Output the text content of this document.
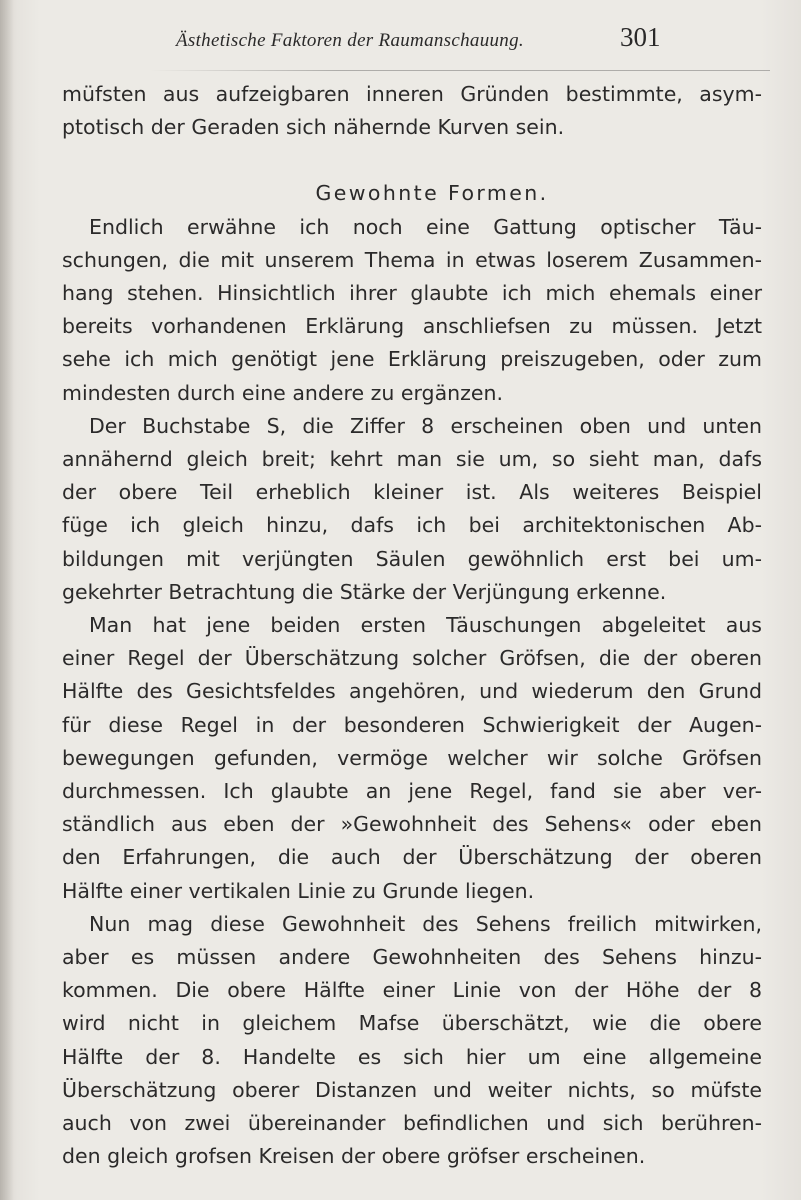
Ästhetische Faktoren der Raumanschauung.	301
müfsten aus aufzeigbaren inneren Gründen bestimmte, asym-
ptotisch der Geraden sich nähernde Kurven sein.
Gewohnte Formen.
Endlich erwähne ich noch eine Gattung optischer Täu-
schungen, die mit unserem Thema in etwas loserem Zusammen-
hang stehen. Hinsichtlich ihrer glaubte ich mich ehemals einer
bereits vorhandenen Erklärung anschliefsen zu müssen. Jetzt
sehe ich mich genötigt jene Erklärung preiszugeben, oder zum
mindesten durch eine andere zu ergänzen.
Der Buchstabe S, die Ziffer 8 erscheinen oben und unten
annähernd gleich breit; kehrt man sie um, so sieht man, dafs
der obere Teil erheblich kleiner ist. Als weiteres Beispiel
füge ich gleich hinzu, dafs ich bei architektonischen Ab-
bildungen mit verjüngten Säulen gewöhnlich erst bei um-
gekehrter Betrachtung die Stärke der Verjüngung erkenne.
Man hat jene beiden ersten Täuschungen abgeleitet aus
einer Regel der Überschätzung solcher Gröfsen, die der oberen
Hälfte des Gesichtsfeldes angehören, und wiederum den Grund
für diese Regel in der besonderen Schwierigkeit der Augen-
bewegungen gefunden, vermöge welcher wir solche Gröfsen
durchmessen. Ich glaubte an jene Regel, fand sie aber ver-
ständlich aus eben der »Gewohnheit des Sehens« oder eben
den Erfahrungen, die auch der Überschätzung der oberen
Hälfte einer vertikalen Linie zu Grunde liegen.
Nun mag diese Gewohnheit des Sehens freilich mitwirken,
aber es müssen andere Gewohnheiten des Sehens hinzu-
kommen. Die obere Hälfte einer Linie von der Höhe der 8
wird nicht in gleichem Mafse überschätzt, wie die obere
Hälfte der 8. Handelte es sich hier um eine allgemeine
Überschätzung oberer Distanzen und weiter nichts, so müfste
auch von zwei übereinander befindlichen und sich berühren-
den gleich grofsen Kreisen der obere gröfser erscheinen.
